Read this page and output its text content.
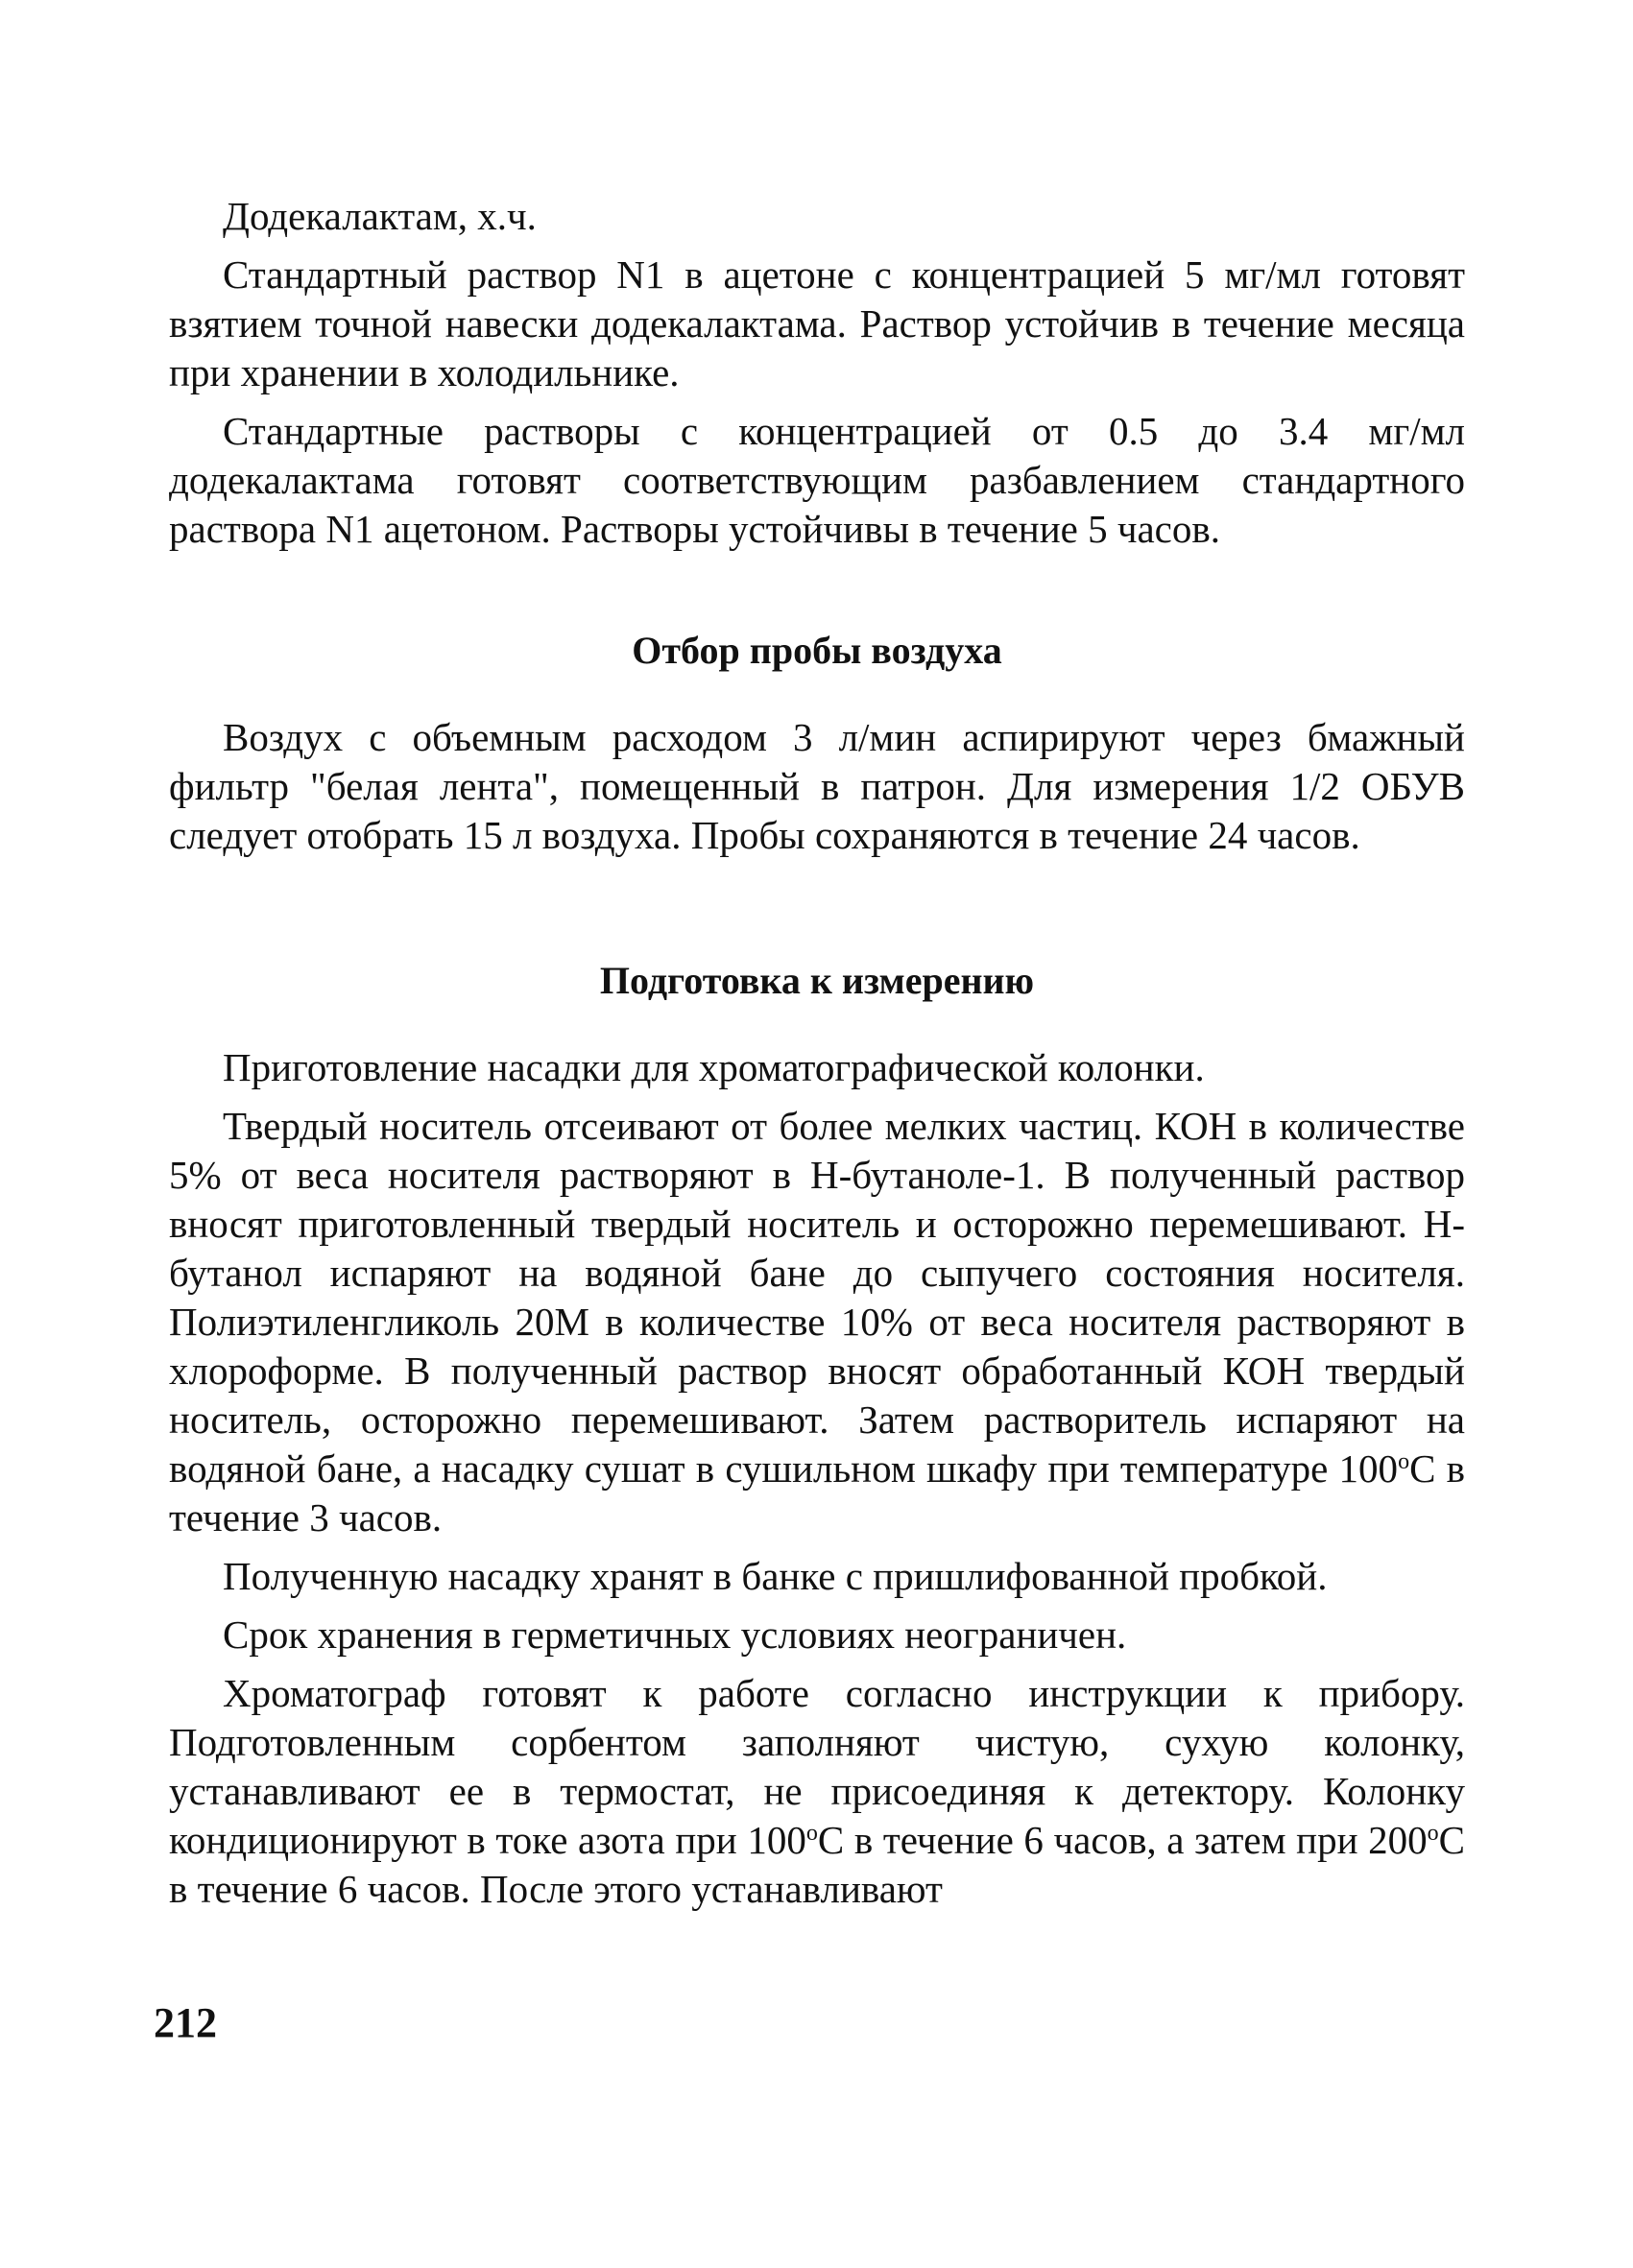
Додекалактам, х.ч.

Стандартный раствор N1 в ацетоне с концентрацией 5 мг/мл готовят взятием точной навески додекалактама. Раствор устойчив в течение месяца при хранении в холодильнике.

Стандартные растворы с концентрацией от 0.5 до 3.4 мг/мл додекалактама готовят соответствующим разбавлением стандартного раствора N1 ацетоном. Растворы устойчивы в течение 5 часов.

Отбор пробы воздуха

Воздух с объемным расходом 3 л/мин аспирируют через бмажный фильтр "белая лента", помещенный в патрон. Для измерения 1/2 ОБУВ следует отобрать 15 л воздуха. Пробы сохраняются в течение 24 часов.

Подготовка к измерению

Приготовление насадки для хроматографической колонки.

Твердый носитель отсеивают от более мелких частиц. КОН в количестве 5% от веса носителя растворяют в Н-бутаноле-1. В полученный раствор вносят приготовленный твердый носитель и осторожно перемешивают. Н-бутанол испаряют на водяной бане до сыпучего состояния носителя. Полиэтиленгликоль 20М в количестве 10% от веса носителя растворяют в хлороформе. В полученный раствор вносят обработанный КОН твердый носитель, осторожно перемешивают. Затем растворитель испаряют на водяной бане, а насадку сушат в сушильном шкафу при температуре $100^оС$ в течение 3 часов.

Полученную насадку хранят в банке с пришлифованной пробкой.

Срок хранения в герметичных условиях неограничен.

Хроматограф готовят к работе согласно инструкции к прибору. Подготовленным сорбентом заполняют чистую, сухую колонку, устанавливают ее в термостат, не присоединяя к детектору. Колонку кондиционируют в токе азота при $100^оС$ в течение 6 часов, а затем при $200^оС$ в течение 6 часов. После этого устанавливают

212
